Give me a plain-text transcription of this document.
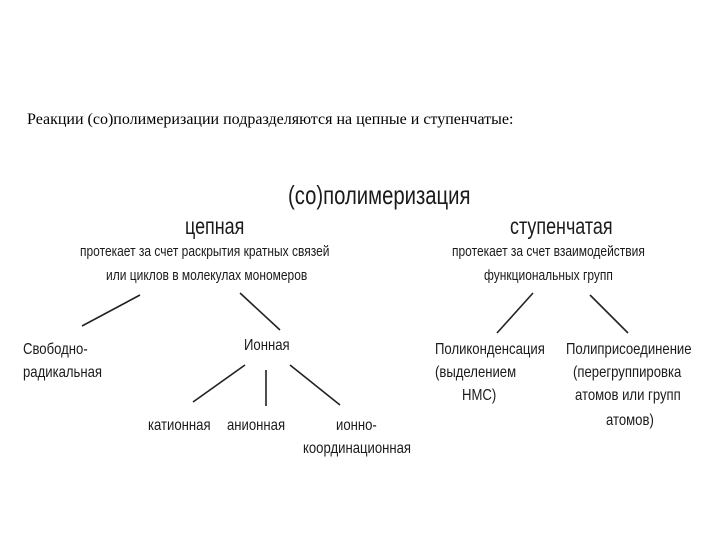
Реакции (со)полимеризации подразделяются на цепные и ступенчатые:
(со)полимеризация
цепная
протекает за счет раскрытия кратных связей
или циклов в молекулах мономеров
ступенчатая
протекает за счет взаимодействия
функциональных групп
Свободно-
радикальная
Ионная
катионная анионная	ионно-
координационная
Поликонденсация
(выделением
НМС)
Полиприсоединение
(перегруппировка
атомов или групп
атомов)
